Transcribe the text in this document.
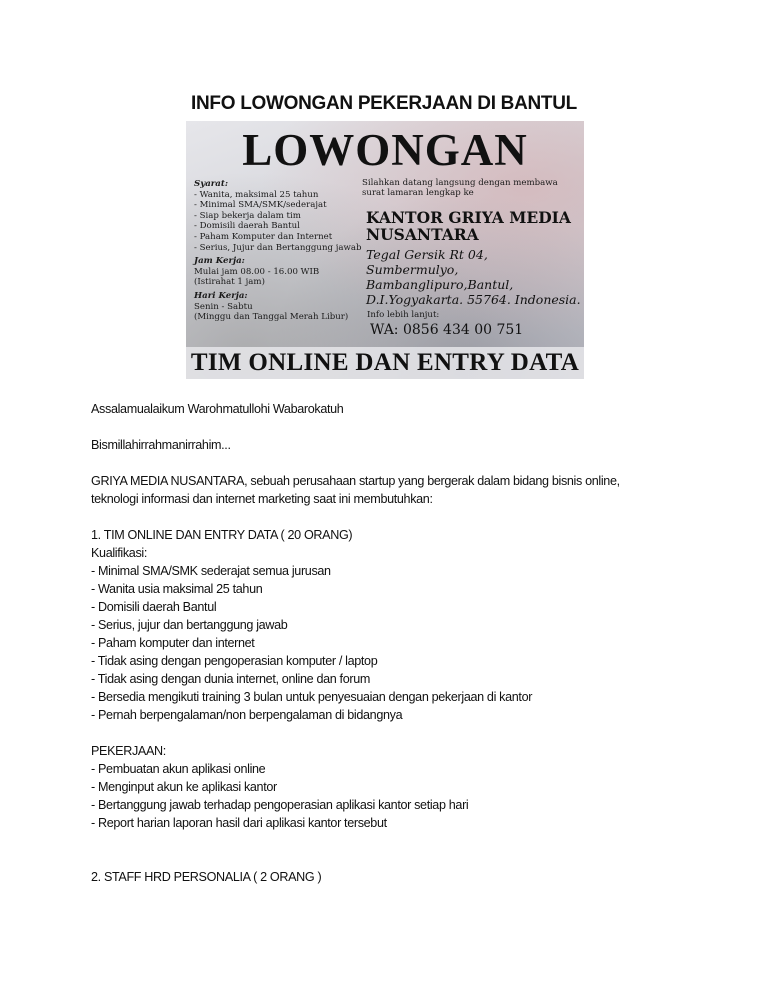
INFO LOWONGAN PEKERJAAN DI BANTUL
LOWONGAN
Syarat:
- Wanita, maksimal 25 tahun
- Minimal SMA/SMK/sederajat
- Siap bekerja dalam tim
- Domisili daerah Bantul
- Paham Komputer dan Internet
- Serius, Jujur dan Bertanggung jawab
Jam Kerja:
Mulai jam 08.00 - 16.00 WIB
(Istirahat 1 jam)
Hari Kerja:
Senin - Sabtu
(Minggu dan Tanggal Merah Libur)
Silahkan datang langsung dengan membawa
surat lamaran lengkap ke
KANTOR GRIYA MEDIA
NUSANTARA
Tegal Gersik Rt 04, Sumbermulyo,
Bambanglipuro,Bantul,
D.I.Yogyakarta. 55764. Indonesia.
Info lebih lanjut:
WA: 0856 434 00 751
TIM ONLINE DAN ENTRY DATA

Assalamualaikum Warohmatullohi Wabarokatuh

Bismillahirrahmanirrahim...

GRIYA MEDIA NUSANTARA, sebuah perusahaan startup yang bergerak dalam bidang bisnis online,

teknologi informasi dan internet marketing saat ini membutuhkan:

1. TIM ONLINE DAN ENTRY DATA ( 20 ORANG)

Kualifikasi:

- Minimal SMA/SMK sederajat semua jurusan

- Wanita usia maksimal 25 tahun

- Domisili daerah Bantul

- Serius, jujur dan bertanggung jawab

- Paham komputer dan internet

- Tidak asing dengan pengoperasian komputer / laptop

- Tidak asing dengan dunia internet, online dan forum

- Bersedia mengikuti training 3 bulan untuk penyesuaian dengan pekerjaan di kantor

- Pernah berpengalaman/non berpengalaman di bidangnya

PEKERJAAN:

- Pembuatan akun aplikasi online

- Menginput akun ke aplikasi kantor

- Bertanggung jawab terhadap pengoperasian aplikasi kantor setiap hari

- Report harian laporan hasil dari aplikasi kantor tersebut

2. STAFF HRD PERSONALIA ( 2 ORANG )
